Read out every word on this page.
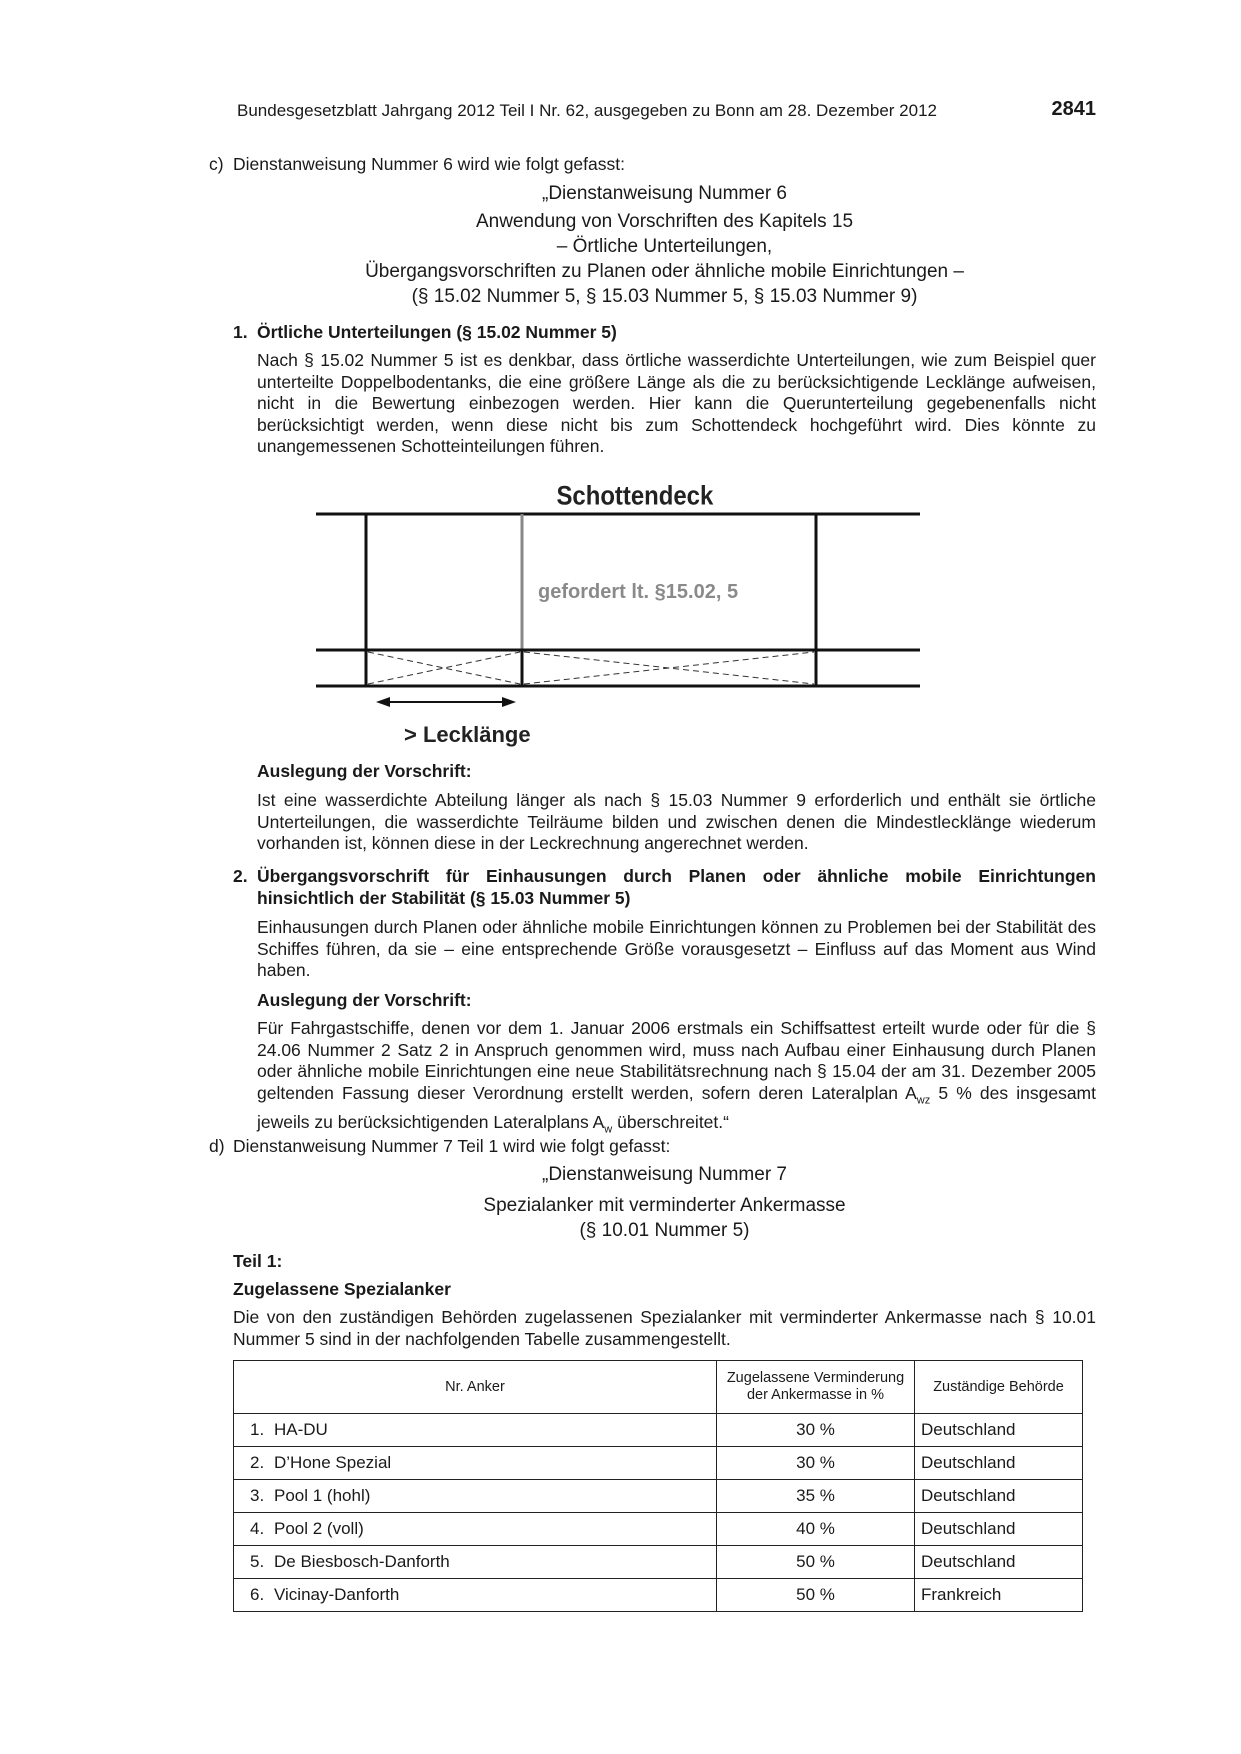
Bundesgesetzblatt Jahrgang 2012 Teil I Nr. 62, ausgegeben zu Bonn am 28. Dezember 2012	2841
c) Dienstanweisung Nummer 6 wird wie folgt gefasst:
„Dienstanweisung Nummer 6
Anwendung von Vorschriften des Kapitels 15
– Örtliche Unterteilungen,
Übergangsvorschriften zu Planen oder ähnliche mobile Einrichtungen –
(§ 15.02 Nummer 5, § 15.03 Nummer 5, § 15.03 Nummer 9)
1. Örtliche Unterteilungen (§ 15.02 Nummer 5)
Nach § 15.02 Nummer 5 ist es denkbar, dass örtliche wasserdichte Unterteilungen, wie zum Beispiel quer unterteilte Doppelbodentanks, die eine größere Länge als die zu berücksichtigende Lecklänge aufweisen, nicht in die Bewertung einbezogen werden. Hier kann die Querunterteilung gegebenenfalls nicht berücksichtigt werden, wenn diese nicht bis zum Schottendeck hochgeführt wird. Dies könnte zu unangemessenen Schotteinteilungen führen.
Schottendeck
gefordert lt. §15.02, 5
> Lecklänge
Auslegung der Vorschrift:
Ist eine wasserdichte Abteilung länger als nach § 15.03 Nummer 9 erforderlich und enthält sie örtliche Unterteilungen, die wasserdichte Teilräume bilden und zwischen denen die Mindestlecklänge wiederum vorhanden ist, können diese in der Leckrechnung angerechnet werden.
2. Übergangsvorschrift für Einhausungen durch Planen oder ähnliche mobile Einrichtungen hinsichtlich der Stabilität (§ 15.03 Nummer 5)
Einhausungen durch Planen oder ähnliche mobile Einrichtungen können zu Problemen bei der Stabilität des Schiffes führen, da sie – eine entsprechende Größe vorausgesetzt – Einfluss auf das Moment aus Wind haben.
Auslegung der Vorschrift:
Für Fahrgastschiffe, denen vor dem 1. Januar 2006 erstmals ein Schiffsattest erteilt wurde oder für die § 24.06 Nummer 2 Satz 2 in Anspruch genommen wird, muss nach Aufbau einer Einhausung durch Planen oder ähnliche mobile Einrichtungen eine neue Stabilitätsrechnung nach § 15.04 der am 31. Dezember 2005 geltenden Fassung dieser Verordnung erstellt werden, sofern deren Lateralplan $A_{wz}$ 5 % des insgesamt jeweils zu berücksichtigenden Lateralplans $A_w$ überschreitet.“
d) Dienstanweisung Nummer 7 Teil 1 wird wie folgt gefasst:
„Dienstanweisung Nummer 7
Spezialanker mit verminderter Ankermasse
(§ 10.01 Nummer 5)
Teil 1:
Zugelassene Spezialanker
Die von den zuständigen Behörden zugelassenen Spezialanker mit verminderter Ankermasse nach § 10.01 Nummer 5 sind in der nachfolgenden Tabelle zusammengestellt.
Nr. Anker	Zugelassene Verminderung der Ankermasse in %	Zuständige Behörde
1. HA-DU	30 %	Deutschland
2. D’Hone Spezial	30 %	Deutschland
3. Pool 1 (hohl)	35 %	Deutschland
4. Pool 2 (voll)	40 %	Deutschland
5. De Biesbosch-Danforth	50 %	Deutschland
6. Vicinay-Danforth	50 %	Frankreich
